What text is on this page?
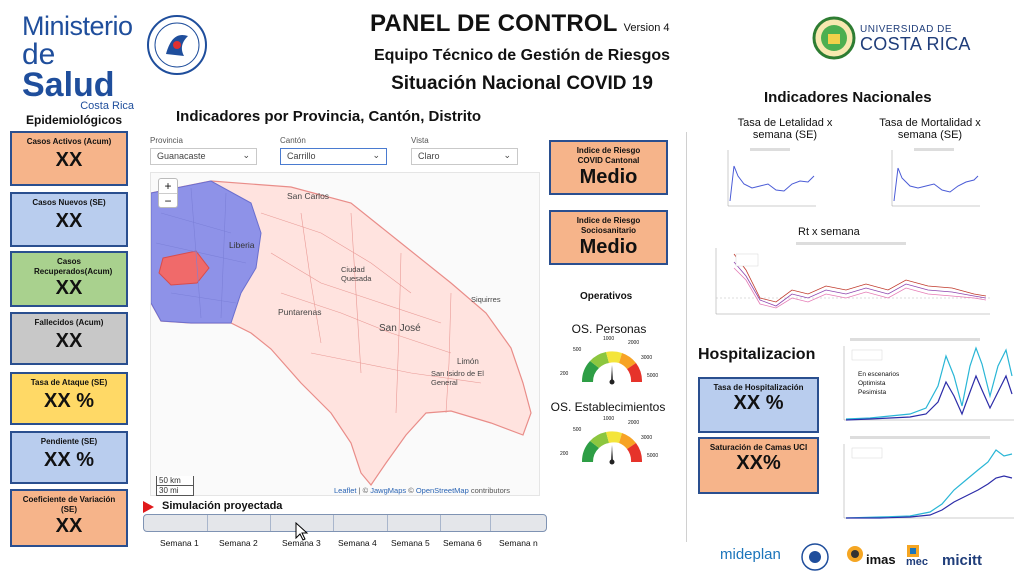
Ministerio
de Salud
Costa Rica
PANEL DE CONTROL Version 4
Equipo Técnico de Gestión de Riesgos
Situación Nacional COVID 19
UNIVERSIDAD DE
COSTA RICA
Epidemiológicos
Casos Activos (Acum)
XX
Casos Nuevos (SE)
XX
Casos Recuperados(Acum)
XX
Fallecidos (Acum)
XX
Tasa de Ataque (SE)
XX %
Pendiente (SE)
XX %
Coeficiente de Variación (SE)
XX
Indicadores por Provincia, Cantón, Distrito
Provincia
Guanacaste	⌄
Cantón
Carrillo	⌄
Vista
Claro	⌄
San Carlos
Liberia
Ciudad Quesada
Puntarenas
San José
Siquirres
Limón
San Isidro de El General
+
−
50 km
30 mi	Leaflet | © JawgMaps © OpenStreetMap contributors
Simulación proyectada
Semana 1 Semana 2	Semana 3 Semana 4 Semana 5 Semana 6 Semana n
Indice de Riesgo COVID Cantonal
Medio
Indice de Riesgo Sociosanitario
Medio
Operativos
OS. Personas
500
200
1000
2000
3000
5000
OS. Establecimientos
500
200
1000
2000
3000
5000
Indicadores Nacionales
Tasa de Letalidad x semana (SE)
Tasa de Mortalidad x semana (SE)
Rt x semana
Hospitalizacion
Tasa de Hospitalización
XX %
Saturación de Camas UCI
XX%
En escenarios
Optimista
Pesimista
mideplan	imas mec micitt
